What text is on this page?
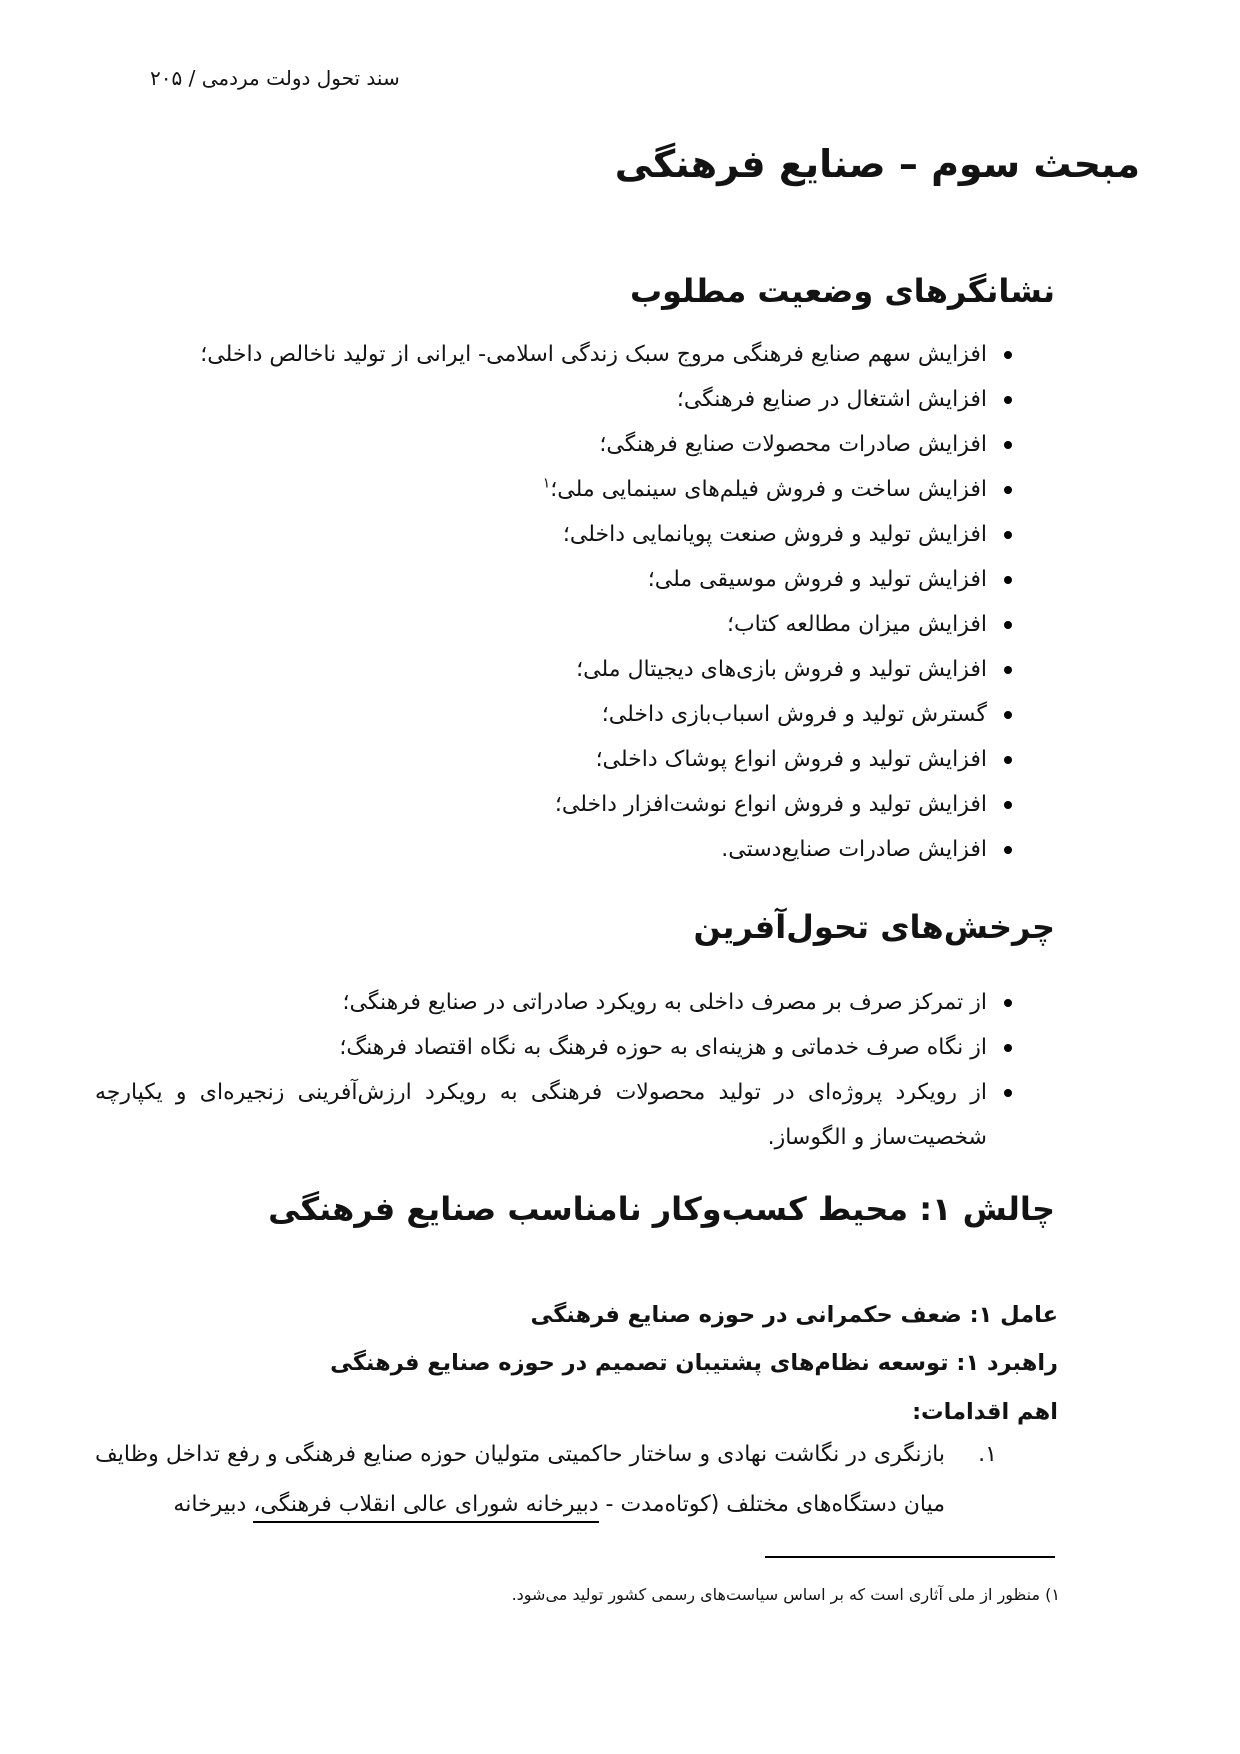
سند تحول دولت مردمی / ۲۰۵
مبحث سوم – صنایع فرهنگی
نشانگرهای وضعیت مطلوب
افزایش سهم صنایع فرهنگی مروج سبک زندگی اسلامی- ایرانی از تولید ناخالص داخلی؛
افزایش اشتغال در صنایع فرهنگی؛
افزایش صادرات محصولات صنایع فرهنگی؛
افزایش ساخت و فروش فیلم‌های سینمایی ملی؛$^۱$
افزایش تولید و فروش صنعت پویانمایی داخلی؛
افزایش تولید و فروش موسیقی ملی؛
افزایش میزان مطالعه کتاب؛
افزایش تولید و فروش بازی‌های دیجیتال ملی؛
گسترش تولید و فروش اسباب‌بازی داخلی؛
افزایش تولید و فروش انواع پوشاک داخلی؛
افزایش تولید و فروش انواع نوشت‌افزار داخلی؛
افزایش صادرات صنایع‌دستی.
چرخش‌های تحول‌آفرین
از تمرکز صرف بر مصرف داخلی به رویکرد صادراتی در صنایع فرهنگی؛
از نگاه صرف خدماتی و هزینه‌ای به حوزه فرهنگ به نگاه اقتصاد فرهنگ؛
از رویکرد پروژه‌ای در تولید محصولات فرهنگی به رویکرد ارزش‌آفرینی زنجیره‌ای و یکپارچه شخصیت‌ساز و الگوساز.
چالش ۱: محیط کسب‌وکار نامناسب صنایع فرهنگی

عامل ۱: ضعف حکمرانی در حوزه صنایع فرهنگی

راهبرد ۱: توسعه نظام‌های پشتیبان تصمیم در حوزه صنایع فرهنگی

اهم اقدامات:

۱.
بازنگری در نگاشت نهادی و ساختار حاکمیتی متولیان حوزه صنایع فرهنگی و رفع تداخل وظایف میان دستگاه‌های مختلف (کوتاه‌مدت - دبیرخانه شورای عالی انقلاب فرهنگی، دبیرخانه

۱) منظور از ملی آثاری است که بر اساس سیاست‌های رسمی کشور تولید می‌شود.
